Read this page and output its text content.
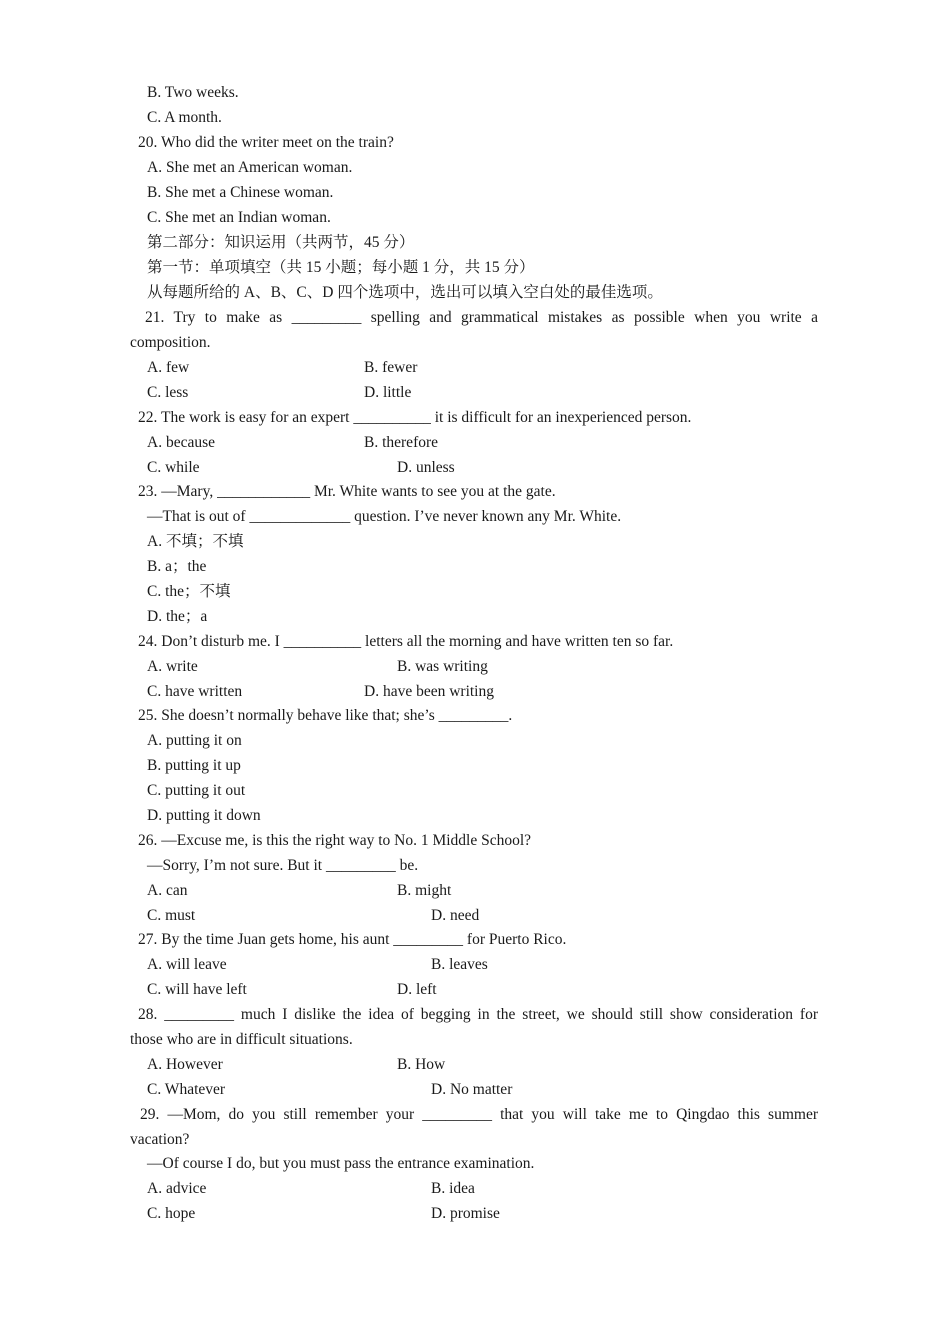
B. Two weeks.
C. A month.
20. Who did the writer meet on the train?
A. She met an American woman.
B. She met a Chinese woman.
C. She met an Indian woman.
第二部分：知识运用（共两节，45 分）
第一节：单项填空（共 15 小题；每小题 1 分，共 15 分）
从每题所给的 A、B、C、D 四个选项中，选出可以填入空白处的最佳选项。
21. Try to make as _________ spelling and grammatical mistakes as possible when you write a
composition.
22. The work is easy for an expert __________ it is difficult for an inexperienced person.
23. —Mary, ____________ Mr. White wants to see you at the gate.
—That is out of _____________ question. I’ve never known any Mr. White.
A. 不填；不填
B. a；the
C. the；不填
D. the；a
24. Don’t disturb me. I __________ letters all the morning and have written ten so far.
25. She doesn’t normally behave like that; she’s _________.
A. putting it on
B. putting it up
C. putting it out
D. putting it down
26. —Excuse me, is this the right way to No. 1 Middle School?
—Sorry, I’m not sure. But it _________ be.
27. By the time Juan gets home, his aunt _________ for Puerto Rico.
28. _________ much I dislike the idea of begging in the street, we should still show consideration for
those who are in difficult situations.
29. —Mom, do you still remember your _________ that you will take me to Qingdao this summer
vacation?
—Of course I do, but you must pass the entrance examination.
A. few	B. fewer
C. less	D. little
A. because	B. therefore
C. while	D. unless
A. write	B. was writing
C. have written	D. have been writing
A. can	B. might
C. must	D. need
A. will leave	B. leaves
C. will have left	D. left
A. However	B. How
C. Whatever	D. No matter
A. advice	B. idea
C. hope	D. promise
